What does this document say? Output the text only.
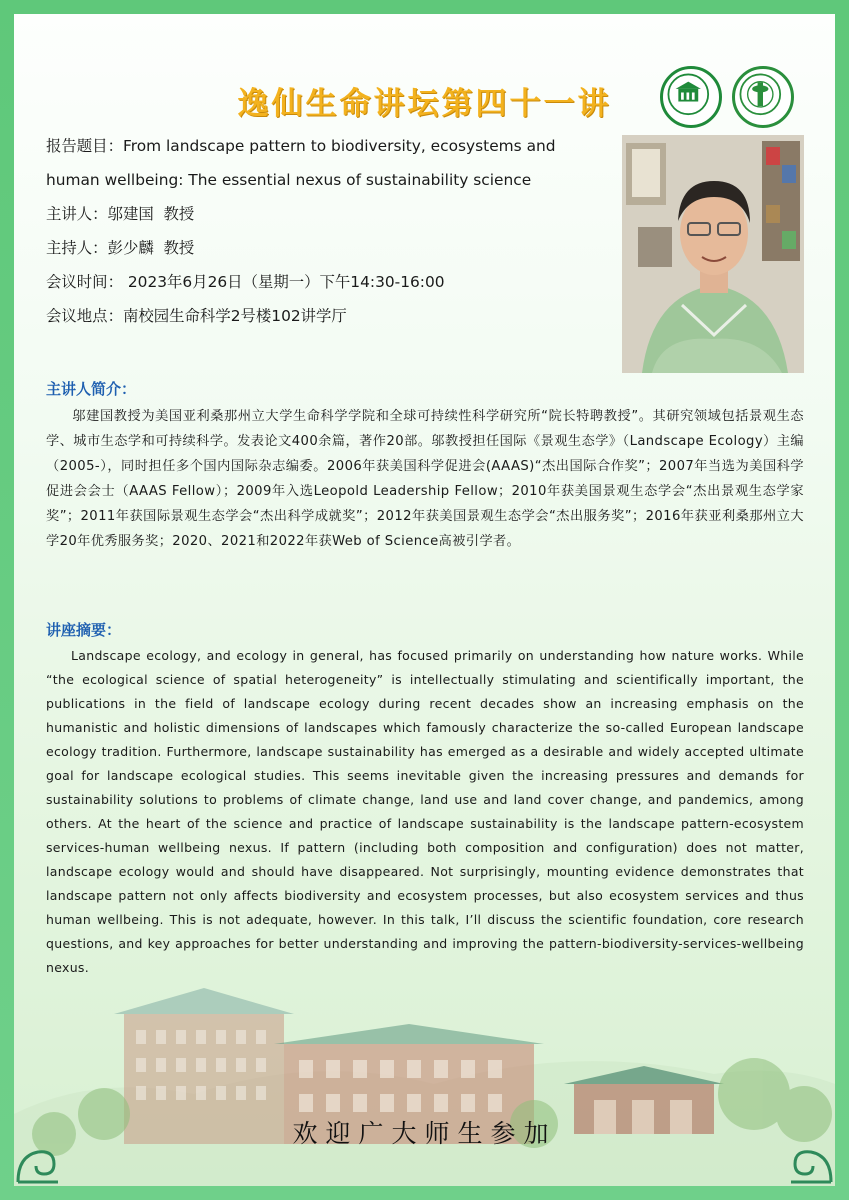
逸仙生命讲坛第四十一讲
报告题目：From landscape pattern to biodiversity, ecosystems and human wellbeing: The essential nexus of sustainability science
主讲人：邬建国  教授
主持人：彭少麟  教授
会议时间： 2023年6月26日（星期一）下午14:30-16:00
会议地点：南校园生命科学2号楼102讲学厅
主讲人简介：
邬建国教授为美国亚利桑那州立大学生命科学学院和全球可持续性科学研究所“院长特聘教授”。其研究领域包括景观生态学、城市生态学和可持续科学。发表论文400余篇，著作20部。邬教授担任国际《景观生态学》（Landscape Ecology）主编（2005-），同时担任多个国内国际杂志编委。2006年获美国科学促进会(AAAS)“杰出国际合作奖”；2007年当选为美国科学促进会会士（AAAS Fellow）；2009年入选Leopold Leadership Fellow；2010年获美国景观生态学会“杰出景观生态学家奖”；2011年获国际景观生态学会“杰出科学成就奖”；2012年获美国景观生态学会“杰出服务奖”；2016年获亚利桑那州立大学20年优秀服务奖；2020、2021和2022年获Web of Science高被引学者。
讲座摘要：
Landscape ecology, and ecology in general, has focused primarily on understanding how nature works. While “the ecological science of spatial heterogeneity” is intellectually stimulating and scientifically important, the publications in the field of landscape ecology during recent decades show an increasing emphasis on the humanistic and holistic dimensions of landscapes which famously characterize the so-called European landscape ecology tradition. Furthermore, landscape sustainability has emerged as a desirable and widely accepted ultimate goal for landscape ecological studies. This seems inevitable given the increasing pressures and demands for sustainability solutions to problems of climate change, land use and land cover change, and pandemics, among others. At the heart of the science and practice of landscape sustainability is the landscape pattern-ecosystem services-human wellbeing nexus. If pattern (including both composition and configuration) does not matter, landscape ecology would and should have disappeared. Not surprisingly, mounting evidence demonstrates that landscape pattern not only affects biodiversity and ecosystem processes, but also ecosystem services and thus human wellbeing. This is not adequate, however. In this talk, I’ll discuss the scientific foundation, core research questions, and key approaches for better understanding and improving the pattern-biodiversity-services-wellbeing nexus.
欢迎广大师生参加
